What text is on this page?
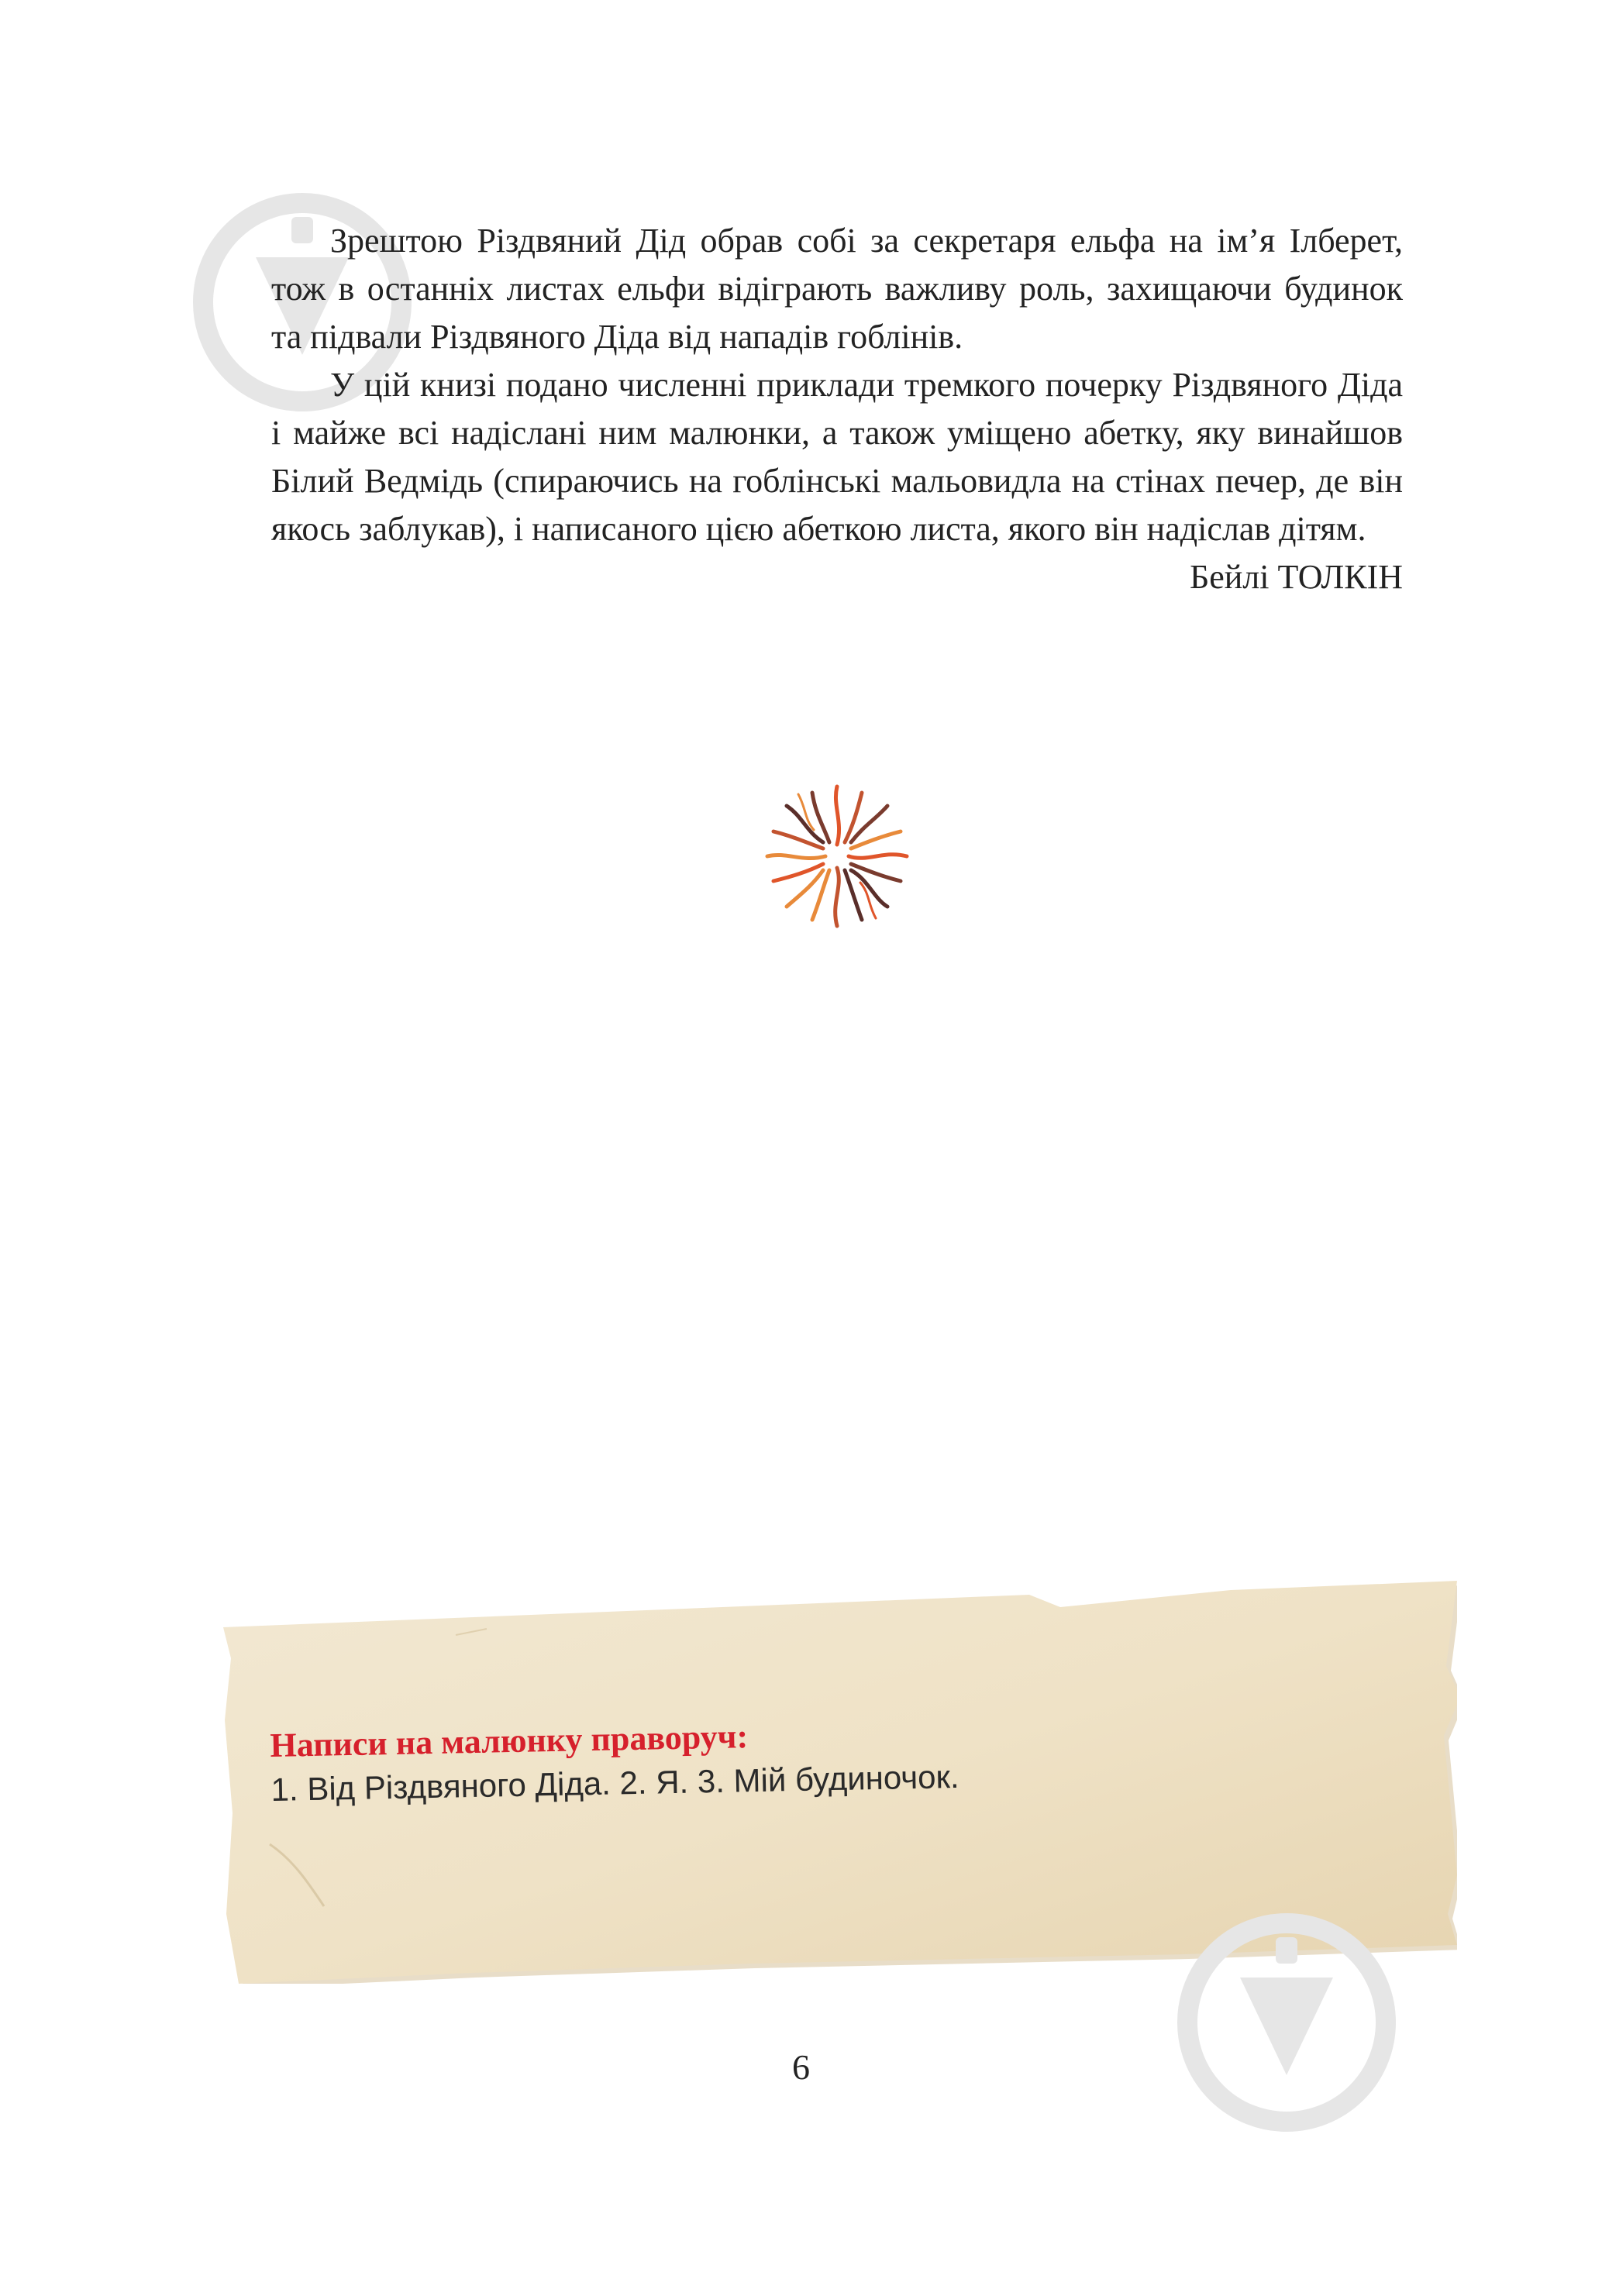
Зрештою Різдвяний Дід обрав собі за секретаря ельфа на ім’я Ілберет, тож в останніх листах ельфи відіграють важливу роль, захищаючи будинок та підвали Різдвяного Діда від нападів гоблінів.

У цій книзі подано численні приклади тремкого почерку Різдвяного Діда і майже всі надіслані ним малюнки, а також уміщено абетку, яку винайшов Білий Ведмідь (спираючись на гоблінські мальовидла на стінах печер, де він якось заблукав), і написаного цією абеткою листа, якого він надіслав дітям.

Бейлі ТОЛКІН
Написи на малюнку праворуч:
1. Від Різдвяного Діда. 2. Я. 3. Мій будиночок.
6
